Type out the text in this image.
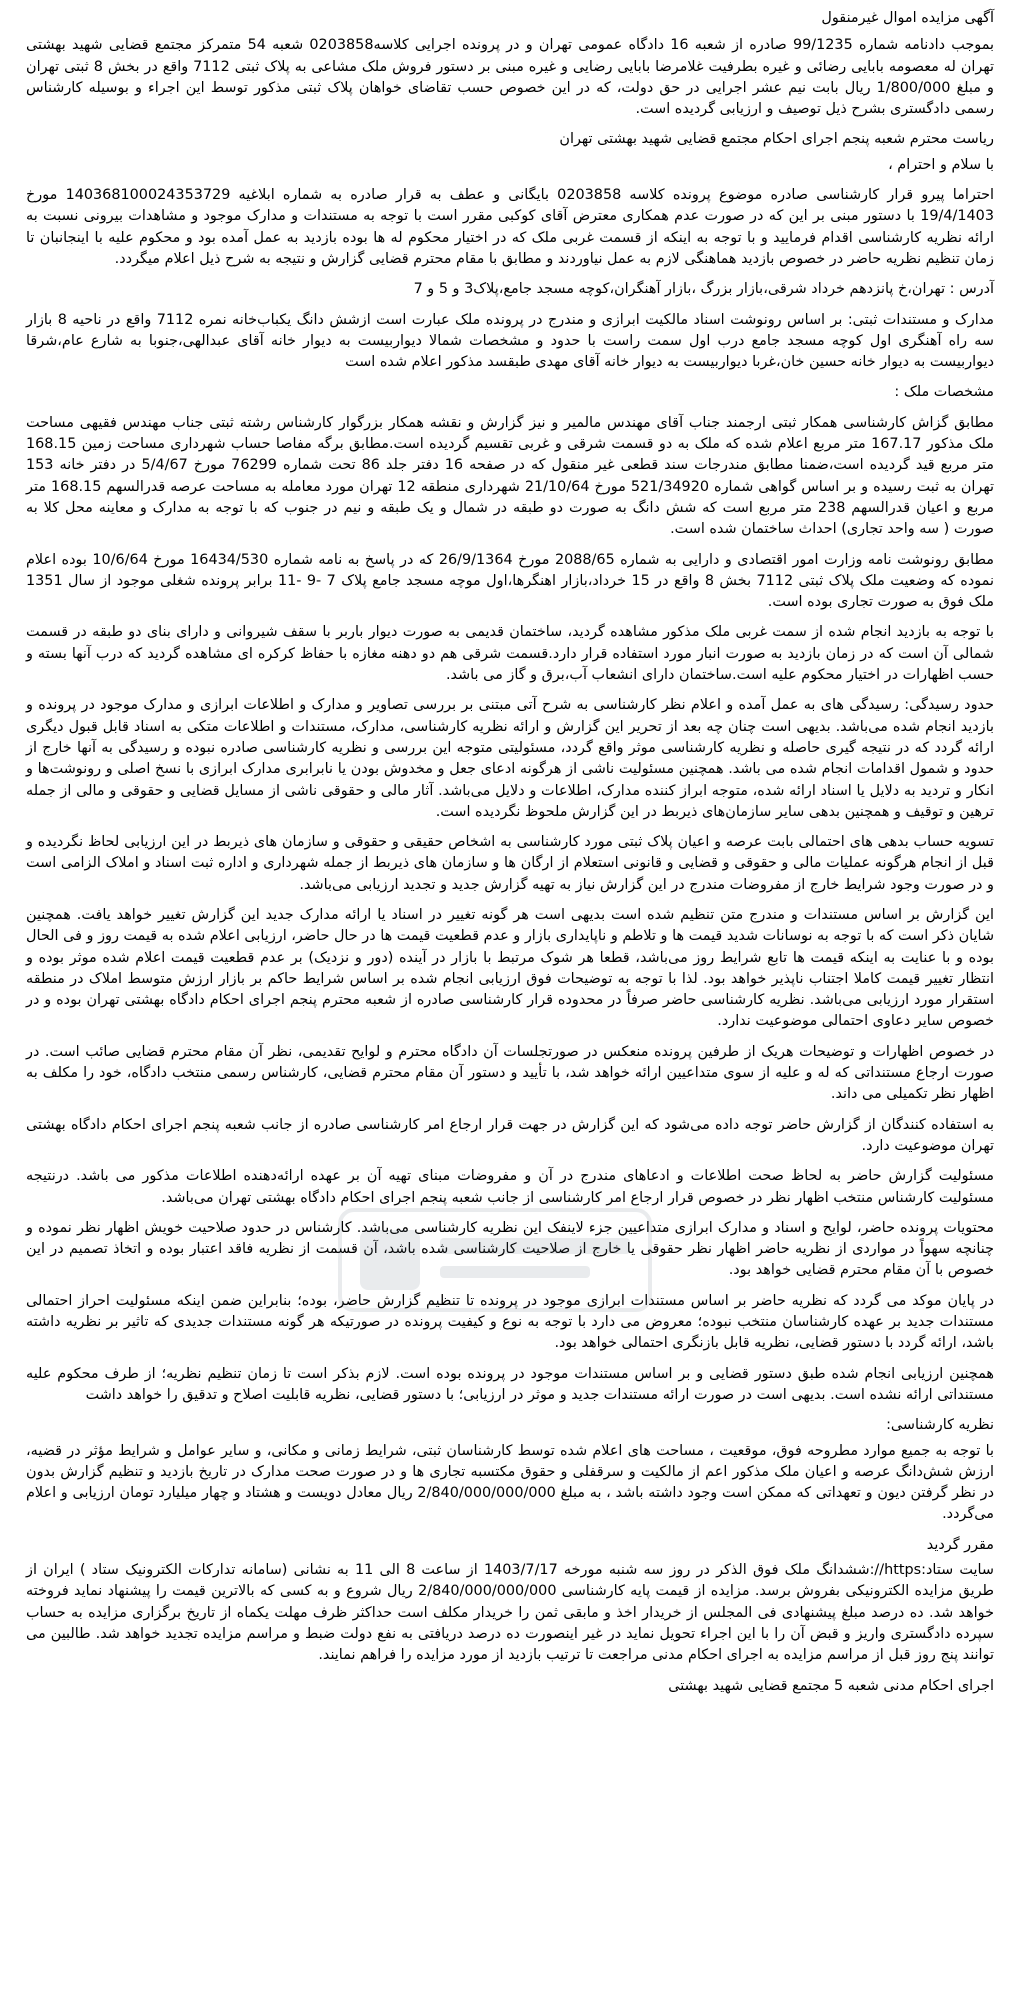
آگهی مزایده اموال غیرمنقول

بموجب دادنامه شماره 99/1235 صادره از شعبه 16 دادگاه عمومی تهران و در پرونده اجرایی کلاسه0203858 شعبه 54 متمرکز مجتمع قضایی شهید بهشتی تهران له معصومه بابایی رضائی و غیره بطرفیت غلامرضا بابایی رضایی و غیره مبنی بر دستور فروش ملک مشاعی به پلاک ثبتی 7112 واقع در بخش 8 ثبتی تهران و مبلغ 1/800/000 ریال بابت نیم عشر اجرایی در حق دولت، که در این خصوص حسب تقاضای خواهان پلاک ثبتی مذکور توسط این اجراء و بوسیله کارشناس رسمی دادگستری بشرح ذیل توصیف و ارزیابی گردیده است.

ریاست محترم شعبه پنجم اجرای احکام مجتمع قضایی شهید بهشتی تهران

با سلام و احترام ،

احتراما پیرو قرار کارشناسی صادره موضوع پرونده کلاسه 0203858 بایگانی و عطف به قرار صادره به شماره ابلاغیه 140368100024353729 مورخ 19/4/1403 با دستور مبنی بر این که در صورت عدم همکاری معترض آقای کوکبی مقرر است با توجه به مستندات و مدارک موجود و مشاهدات بیرونی نسبت به ارائه نظریه کارشناسی اقدام فرمایید و با توجه به اینکه از قسمت غربی ملک که در اختیار محکوم له ها بوده بازدید به عمل آمده بود و محکوم علیه با اینجانبان تا زمان تنظیم نظریه حاضر در خصوص بازدید هماهنگی لازم به عمل نیاوردند و مطابق با مقام محترم قضایی گزارش و نتیجه به شرح ذیل اعلام میگردد.

آدرس : تهران،خ پانزدهم خرداد شرقی،بازار بزرگ ،بازار آهنگران،کوچه مسجد جامع،پلاک3 و 5 و 7

مدارک و مستندات ثبتی: بر اساس رونوشت اسناد مالکیت ابرازی و مندرج در پرونده ملک عبارت است ازشش دانگ یکباب‌خانه نمره 7112 واقع در ناحیه 8 بازار سه راه آهنگری اول کوچه مسجد جامع درب اول سمت راست با حدود و مشخصات شمالا دیواربیست به دیوار خانه آقای عبدالهی،جنوبا به شارع عام،شرقا دیواربیست به دیوار خانه حسین خان،غربا دیواربیست به دیوار خانه آقای مهدی طبقسد مذکور اعلام شده است

مشخصات ملک :

مطابق گزاش کارشناسی همکار ثبتی ارجمند جناب آقای مهندس مالمیر و نیز گزارش و نقشه همکار بزرگوار کارشناس رشته ثبتی جناب مهندس فقیهی مساحت ملک مذکور 167.17 متر مربع اعلام شده که ملک به دو قسمت شرقی و غربی تقسیم گردیده است.مطابق برگه مفاصا حساب شهرداری مساحت زمین 168.15 متر مربع قید گردیده است،ضمنا مطابق مندرجات سند قطعی غیر منقول که در صفحه 16 دفتر جلد 86 تحت شماره 76299 مورخ 5/4/67 در دفتر خانه 153 تهران به ثبت رسیده و بر اساس گواهی شماره 521/34920 مورخ 21/10/64 شهرداری منطقه 12 تهران مورد معامله به مساحت عرصه قدرالسهم 168.15 متر مربع و اعیان قدرالسهم 238 متر مربع است که شش دانگ به صورت دو طبقه در شمال و یک طبقه و نیم در جنوب که با توجه به مدارک و معاینه محل کلا به صورت ( سه واحد تجاری) احداث ساختمان شده است.

مطابق رونوشت نامه وزارت امور اقتصادی و دارایی به شماره 2088/65 مورخ 26/9/1364 که در پاسخ به نامه شماره 16434/530 مورخ 10/6/64 بوده اعلام نموده که وضعیت ملک پلاک ثبتی 7112 بخش 8 واقع در 15 خرداد،بازار اهنگرها،اول موچه مسجد جامع پلاک 7 -9 -11 برابر پرونده شغلی موجود از سال 1351 ملک فوق به صورت تجاری بوده است.

با توجه به بازدید انجام شده از سمت غربی ملک مذکور مشاهده گردید، ساختمان قدیمی به صورت دیوار باربر با سقف شیروانی و دارای بنای دو طبقه در قسمت شمالی آن است که در زمان بازدید به صورت انبار مورد استفاده قرار دارد.قسمت شرقی هم دو دهنه مغازه با حفاظ کرکره ای مشاهده گردید که درب آنها بسته و حسب اظهارات در اختیار محکوم علیه است.ساختمان دارای انشعاب آب،برق و گاز می باشد.

حدود رسیدگی: رسیدگی های به عمل آمده و اعلام نظر کارشناسی به شرح آتی مبتنی بر بررسی تصاویر و مدارک و اطلاعات ابرازی و مدارک موجود در پرونده و بازدید انجام شده می‌باشد. بدیهی است چنان چه بعد از تحریر این گزارش و ارائه نظریه کارشناسی، مدارک، مستندات و اطلاعات متکی به اسناد قابل قبول دیگری ارائه گردد که در نتیجه گیری حاصله و نظریه کارشناسی موثر واقع گردد، مسئولیتی متوجه این بررسی و نظریه کارشناسی صادره نبوده و رسیدگی به آنها خارج از حدود و شمول اقدامات انجام شده می باشد. همچنین مسئولیت ناشی از هرگونه ادعای جعل و مخدوش بودن یا نابرابری مدارک ابرازی با نسخ اصلی و رونوشت‌ها و انکار و تردید به دلایل یا اسناد ارائه شده، متوجه ابراز کننده مدارک، اطلاعات و دلایل می‌باشد. آثار مالی و حقوقی ناشی از مسایل قضایی و حقوقی و مالی از جمله ترهین و توقیف و همچنین بدهی سایر سازمان‌های ذیربط در این گزارش ملحوظ نگردیده است.

تسویه حساب بدهی های احتمالی بابت عرصه و اعیان پلاک ثبتی مورد کارشناسی به اشخاص حقیقی و حقوقی و سازمان های ذیربط در این ارزیابی لحاظ نگردیده و قبل از انجام هرگونه عملیات مالی و حقوقی و قضایی و قانونی استعلام از ارگان ها و سازمان های ذیربط از جمله شهرداری و اداره ثبت اسناد و املاک الزامی است و در صورت وجود شرایط خارج از مفروضات مندرج در این گزارش نیاز به تهیه گزارش جدید و تجدید ارزیابی می‌باشد.

این گزارش بر اساس مستندات و مندرج متن تنظیم شده است بدیهی است هر گونه تغییر در اسناد یا ارائه مدارک جدید این گزارش تغییر خواهد یافت. همچنین شایان ذکر است که با توجه به نوسانات شدید قیمت ها و تلاطم و ناپایداری بازار و عدم قطعیت قیمت ها در حال حاضر، ارزیابی اعلام شده به قیمت روز و فی الحال بوده و با عنایت به اینکه قیمت ها تابع شرایط روز می‌باشد، قطعا هر شوک مرتبط با بازار در آینده (دور و نزدیک) بر عدم قطعیت قیمت اعلام شده موثر بوده و انتظار تغییر قیمت کاملا اجتناب ناپذیر خواهد بود. لذا با توجه به توضیحات فوق ارزیابی انجام شده بر اساس شرایط حاکم بر بازار ارزش متوسط املاک در منطقه استقرار مورد ارزیابی می‌باشد. نظریه کارشناسی حاضر صرفاً در محدوده قرار کارشناسی صادره از شعبه محترم پنجم اجرای احکام دادگاه بهشتی تهران بوده و در خصوص سایر دعاوی احتمالی موضوعیت ندارد.

در خصوص اظهارات و توضیحات هریک از طرفین پرونده منعکس در صورتجلسات آن دادگاه محترم و لوایح تقدیمی، نظر آن مقام محترم قضایی صائب است. در صورت ارجاع مستنداتی که له و علیه از سوی متداعیین ارائه خواهد شد، با تأیید و دستور آن مقام محترم قضایی، کارشناس رسمی منتخب دادگاه، خود را مکلف به اظهار نظر تکمیلی می داند.

به استفاده کنندگان از گزارش حاضر توجه داده می‌شود که این گزارش در جهت قرار ارجاع امر کارشناسی صادره از جانب شعبه پنجم اجرای احکام دادگاه بهشتی تهران موضوعیت دارد.

مسئولیت گزارش حاضر به لحاظ صحت اطلاعات و ادعاهای مندرج در آن و مفروضات مبنای تهیه آن بر عهده ارائه‌دهنده اطلاعات مذکور می باشد. درنتیجه مسئولیت کارشناس منتخب اظهار نظر در خصوص قرار ارجاع امر کارشناسی از جانب شعبه پنجم اجرای احکام دادگاه بهشتی تهران می‌باشد.

محتویات پرونده حاضر، لوایح و اسناد و مدارک ابرازی متداعیین جزء لاینفک این نظریه کارشناسی می‌باشد. کارشناس در حدود صلاحیت خویش اظهار نظر نموده و چنانچه سهواً در مواردی از نظریه حاضر اظهار نظر حقوقی یا خارج از صلاحیت کارشناسی شده باشد، آن قسمت از نظریه فاقد اعتبار بوده و اتخاذ تصمیم در این خصوص با آن مقام محترم قضایی خواهد بود.

در پایان موکد می گردد که نظریه حاضر بر اساس مستندات ابرازی موجود در پرونده تا تنظیم گزارش حاضر، بوده؛ بنابراین ضمن اینکه مسئولیت احراز احتمالی مستندات جدید بر عهده کارشناسان منتخب نبوده؛ معروض می دارد با توجه به نوع و کیفیت پرونده در صورتیکه هر گونه مستندات جدیدی که تاثیر بر نظریه داشته باشد، ارائه گردد با دستور قضایی، نظریه قابل بازنگری احتمالی خواهد بود.

همچنین ارزیابی انجام شده طبق دستور قضایی و بر اساس مستندات موجود در پرونده بوده است. لازم بذکر است تا زمان تنظیم نظریه؛ از طرف محکوم علیه مستنداتی ارائه نشده است. بدیهی است در صورت ارائه مستندات جدید و موثر در ارزیابی؛ با دستور قضایی، نظریه قابلیت اصلاح و تدقیق را خواهد داشت

نظریه کارشناسی:

با توجه به جمیع موارد مطروحه فوق، موقعیت ، مساحت های اعلام شده توسط کارشناسان ثبتی، شرایط زمانی و مکانی، و سایر عوامل و شرایط مؤثر در قضیه، ارزش شش‌دانگ عرصه و اعیان ملک مذکور اعم از مالکیت و سرقفلی و حقوق مکتسبه تجاری ها و در صورت صحت مدارک در تاریخ بازدید و تنظیم گزارش بدون در نظر گرفتن دیون و تعهداتی که ممکن است وجود داشته باشد ، به مبلغ 2/840/000/000/000 ریال معادل دویست و هشتاد و چهار میلیارد تومان ارزیابی و اعلام می‌گردد.

مقرر گردید

سایت ستاد:https//:ششدانگ ملک فوق الذکر در روز سه شنبه مورخه 1403/7/17 از ساعت 8 الی 11 به نشانی (سامانه تدارکات الکترونیک ستاد ) ایران از طریق مزایده الکترونیکی بفروش برسد. مزایده از قیمت پایه کارشناسی 2/840/000/000/000 ریال شروع و به کسی که بالاترین قیمت را پیشنهاد نماید فروخته خواهد شد. ده درصد مبلغ پیشنهادی فی المجلس از خریدار اخذ و مابقی ثمن را خریدار مکلف است حداکثر ظرف مهلت یکماه از تاریخ برگزاری مزایده به حساب سپرده دادگستری واریز و قبض آن را با این اجراء تحویل نماید در غیر اینصورت ده درصد دریافتی به نفع دولت ضبط و مراسم مزایده تجدید خواهد شد. طالبین می توانند پنج روز قبل از مراسم مزایده به اجرای احکام مدنی مراجعت تا ترتیب بازدید از مورد مزایده را فراهم نمایند.

اجرای احکام مدنی شعبه 5 مجتمع قضایی شهید بهشتی
